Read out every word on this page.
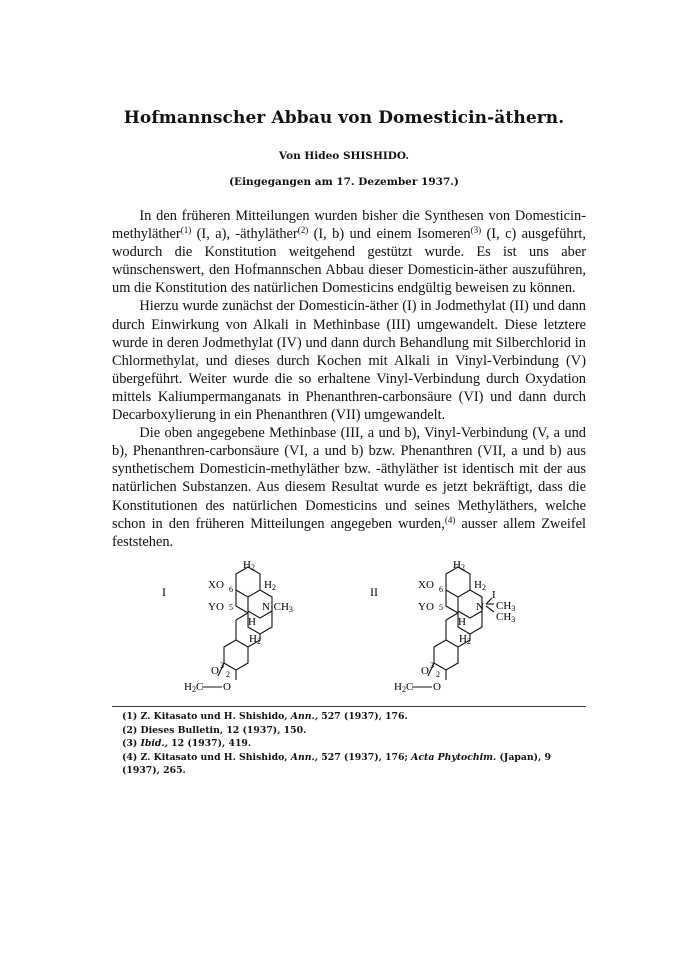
Hofmannscher Abbau von Domesticin-äthern.
Von Hideo SHISHIDO.
(Eingegangen am 17. Dezember 1937.)

In den früheren Mitteilungen wurden bisher die Synthesen von Domesticin-methyläther$^{(1)}$ (I, a), -äthyläther$^{(2)}$ (I, b) und einem Isomeren$^{(3)}$ (I, c) ausgeführt, wodurch die Konstitution weitgehend gestützt wurde. Es ist uns aber wünschenswert, den Hofmannschen Abbau dieser Domesticin-äther auszuführen, um die Konstitution des natürlichen Domesticins endgültig beweisen zu können.

Hierzu wurde zunächst der Domesticin-äther (I) in Jodmethylat (II) und dann durch Einwirkung von Alkali in Methinbase (III) umgewandelt. Diese letztere wurde in deren Jodmethylat (IV) und dann durch Behandlung mit Silberchlorid in Chlormethylat, und dieses durch Kochen mit Alkali in Vinyl-Verbindung (V) übergeführt. Weiter wurde die so erhaltene Vinyl-Verbindung durch Oxydation mittels Kaliumpermanganats in Phenanthren-carbonsäure (VI) und dann durch Decarboxylierung in ein Phenanthren (VII) umgewandelt.

Die oben angegebene Methinbase (III, a und b), Vinyl-Verbindung (V, a und b), Phenanthren-carbonsäure (VI, a und b) bzw. Phenanthren (VII, a und b) aus synthetischem Domesticin-methyläther bzw. -äthyläther ist identisch mit der aus natürlichen Substanzen. Aus diesem Resultat wurde es jetzt bekräftigt, dass die Konstitutionen des natürlichen Domesticins und seines Methyläthers, welche schon in den früheren Mitteilungen angegeben wurden,$^{(4)}$ ausser allem Zweifel feststehen.

I
H2
XO 6
YO 5
H2
N·CH3
H
H2
O 3
2
H2C O
II
H2
XO 6
YO 5
H2
I
N CH3
CH3
H
H2
O 3
2
H2C O

(1) Z. Kitasato und H. Shishido, Ann., 527 (1937), 176.

(2) Dieses Bulletin, 12 (1937), 150.

(3) Ibid., 12 (1937), 419.

(4) Z. Kitasato und H. Shishido, Ann., 527 (1937), 176; Acta Phytochim. (Japan), 9 (1937), 265.
